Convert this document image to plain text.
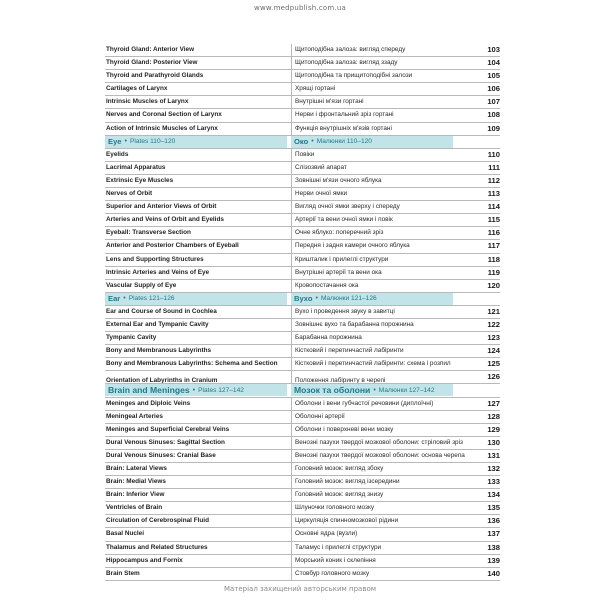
www.medpublish.com.ua
Thyroid Gland: Anterior View	Щитоподібна залоза: вигляд спереду	103
Thyroid Gland: Posterior View	Щитоподібна залоза: вигляд ззаду	104
Thyroid and Parathyroid Glands	Щитоподібна та прищитоподібні залози	105
Cartilages of Larynx	Хрящі гортані	106
Intrinsic Muscles of Larynx	Внутрішні м'язи гортані	107
Nerves and Coronal Section of Larynx	Нерви і фронтальний зріз гортані	108
Action of Intrinsic Muscles of Larynx	Функція внутрішніх м'язів гортані	109
Eye • Plates 110–120	Око • Малюнки 110–120
Eyelids	Повіки	110
Lacrimal Apparatus	Слізозвий апарат	111
Extrinsic Eye Muscles	Зовнішні м'язи очного яблука	112
Nerves of Orbit	Нерви очної ямки	113
Superior and Anterior Views of Orbit	Вигляд очної ямки зверху і спереду	114
Arteries and Veins of Orbit and Eyelids	Артерії та вени очної ямки і повік	115
Eyeball: Transverse Section	Очне яблуко: поперечний зріз	116
Anterior and Posterior Chambers of Eyeball	Передня і задня камери очного яблука	117
Lens and Supporting Structures	Кришталик і прилеглі структури	118
Intrinsic Arteries and Veins of Eye	Внутрішні артерії та вени ока	119
Vascular Supply of Eye	Кровопостачання ока	120
Ear • Plates 121–126	Вухо • Малюнки 121–126
Ear and Course of Sound in Cochlea	Вухо і проведення звуку в завитці	121
External Ear and Tympanic Cavity	Зовнішнє вухо та барабанна порожнина	122
Tympanic Cavity	Барабанна порожнина	123
Bony and Membranous Labyrinths	Кістковий і перетинчастий лабіринти	124
Bony and Membranous Labyrinths: Schema and Section	Кістковий і перетинчастий лабіринти: схема і розпил	125
Orientation of Labyrinths in Cranium	Положення лабіринту в черепі	126
Brain and Meninges • Plates 127–142	Мозок та оболони • Малюнки 127–142
Meninges and Diploic Veins	Оболони і вени губчастої речовини (диплоїчні)	127
Meningeal Arteries	Оболонні артерії	128
Meninges and Superficial Cerebral Veins	Оболони і поверхневі вени мозку	129
Dural Venous Sinuses: Sagittal Section	Венозні пазухи твердої мозкової оболони: стріловий зріз	130
Dural Venous Sinuses: Cranial Base	Венозні пазухи твердої мозкової оболони: основа черепа	131
Brain: Lateral Views	Головний мозок: вигляд збоку	132
Brain: Medial Views	Головний мозок: вигляд ізсередини	133
Brain: Inferior View	Головний мозок: вигляд знизу	134
Ventricles of Brain	Шлуночки головного мозку	135
Circulation of Cerebrospinal Fluid	Циркуляція спинномозкової рідини	136
Basal Nuclei	Основні ядра (вузли)	137
Thalamus and Related Structures	Таламус і прилеглі структури	138
Hippocampus and Fornix	Морський коник і склепіння	139
Brain Stem	Стовбур головного мозку	140
Матеріал захищений авторським правом
